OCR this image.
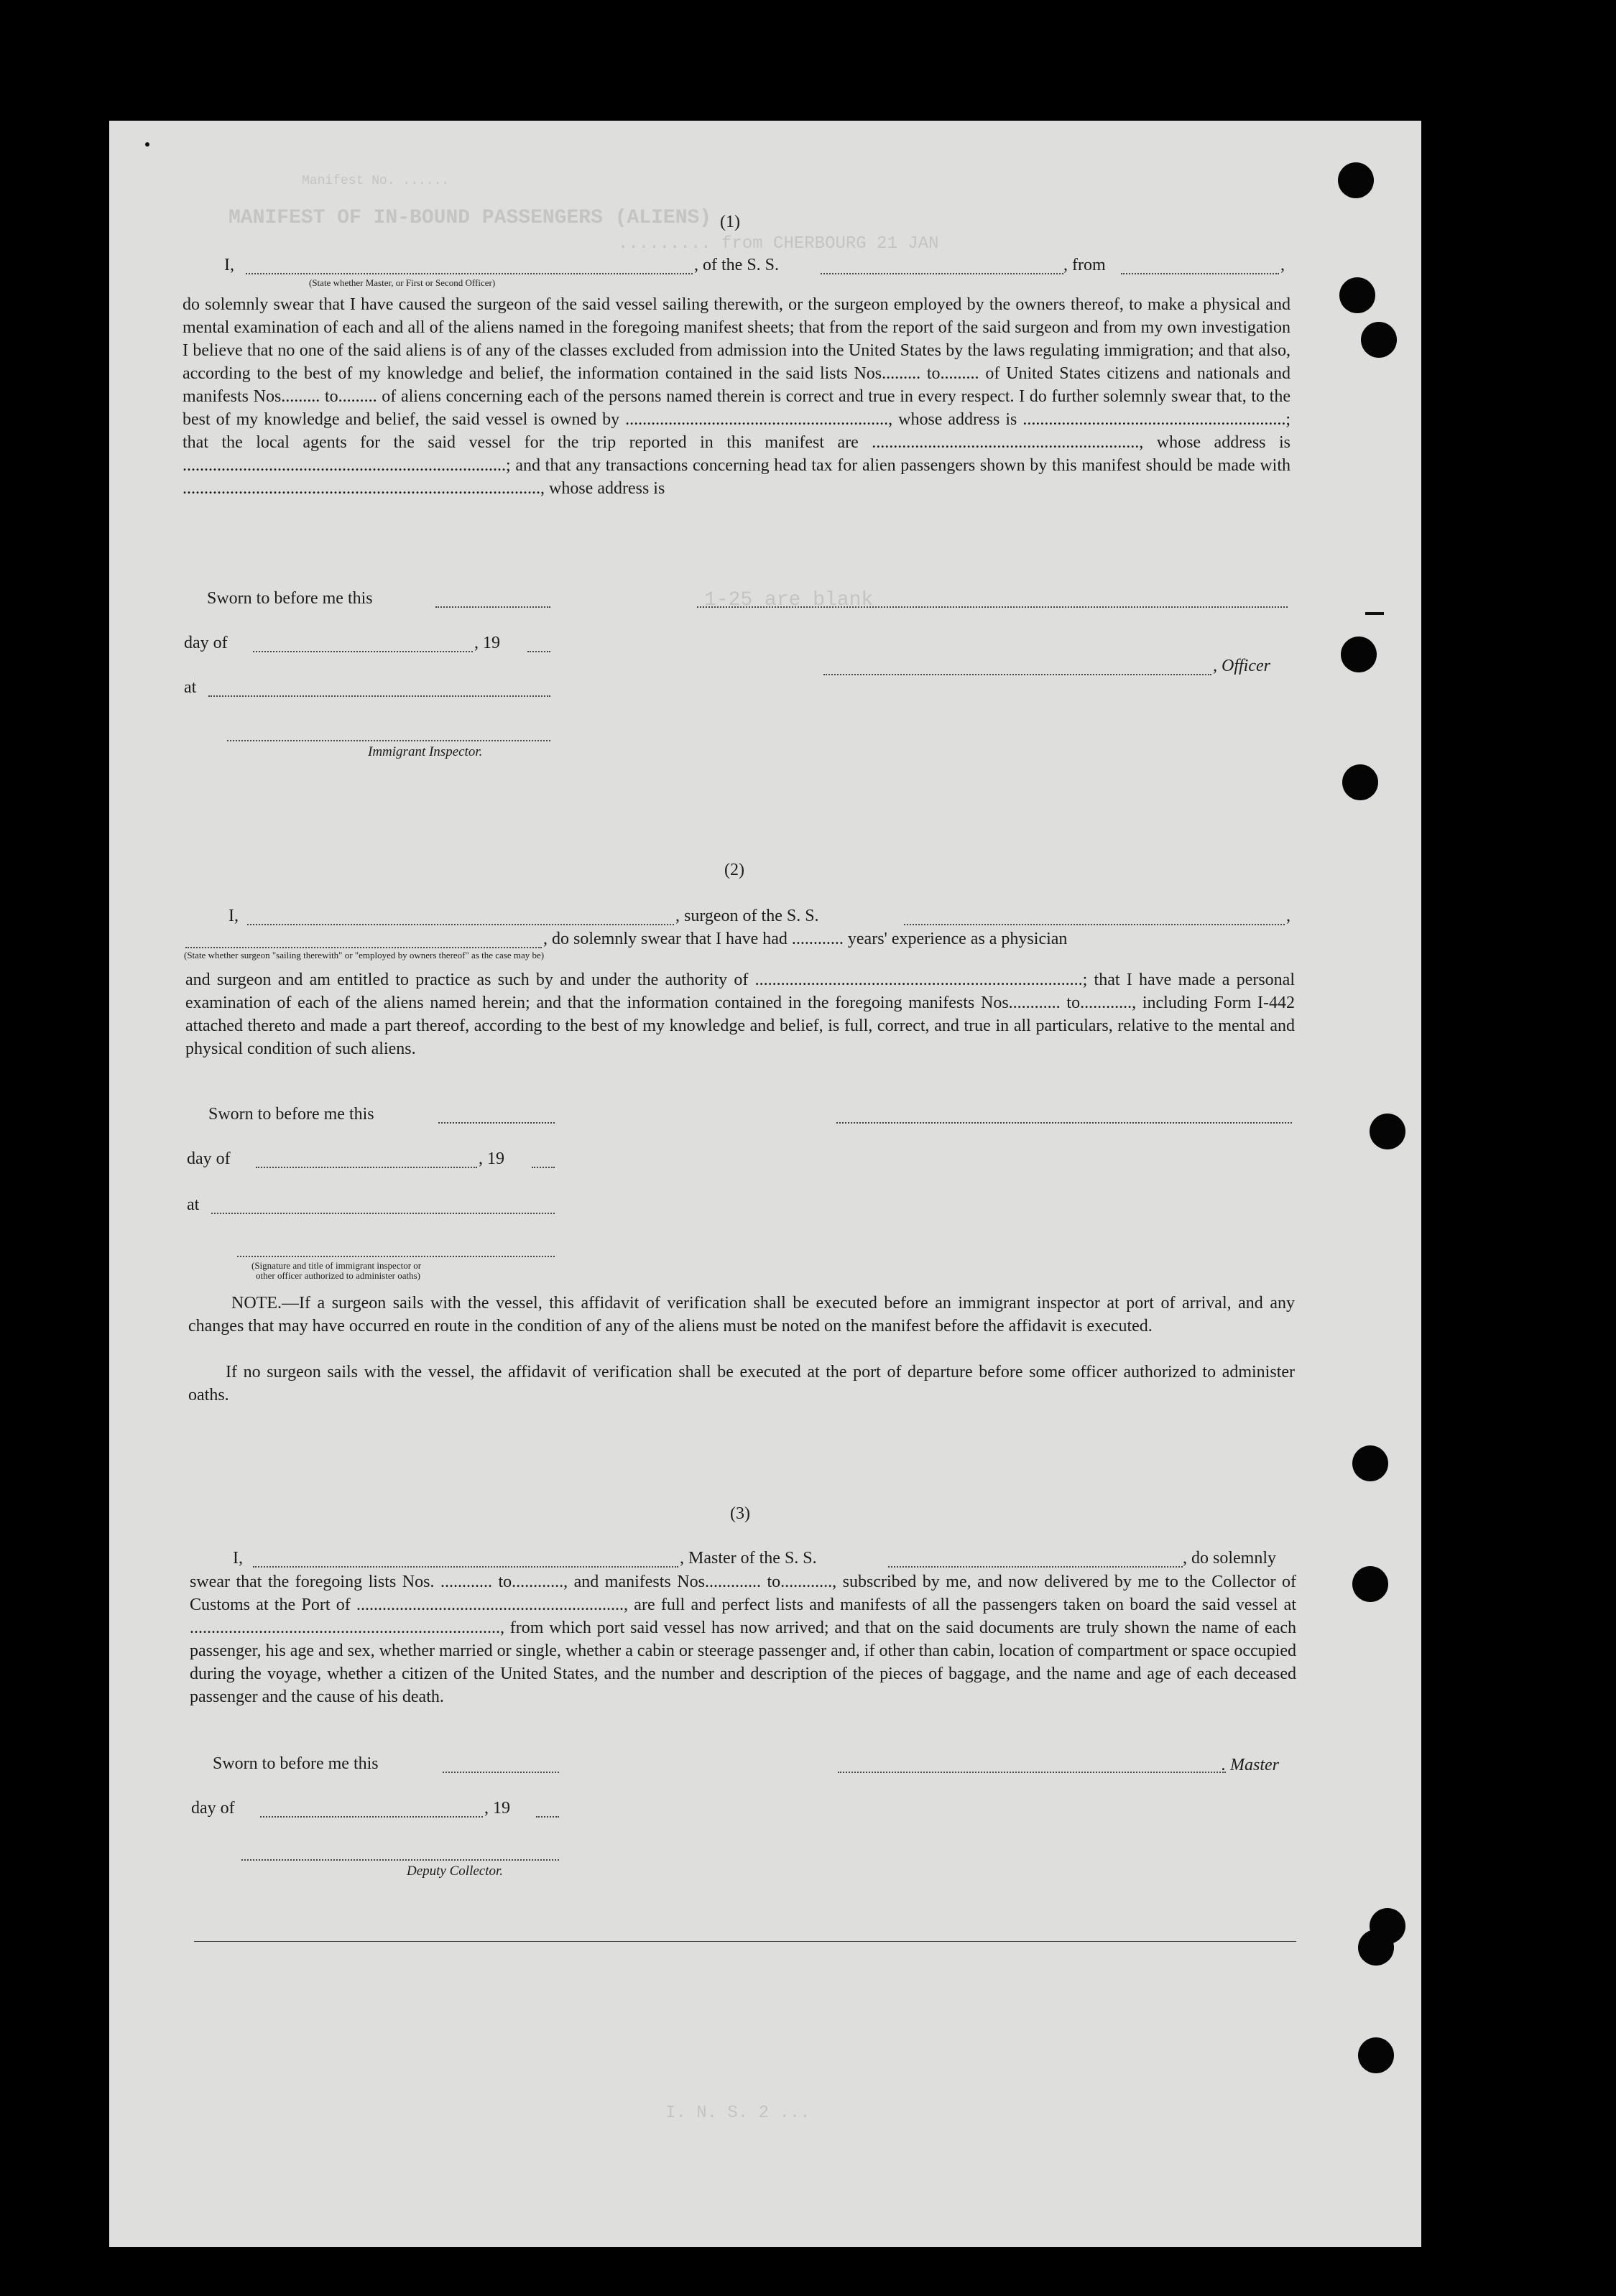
Manifest No. ......
MANIFEST OF IN-BOUND PASSENGERS (ALIENS)
......... from CHERBOURG 21 JAN
1-25 are blank
(1)
I,	, of the S. S.	, from	,
(State whether Master, or First or Second Officer)
do solemnly swear that I have caused the surgeon of the said vessel sailing therewith, or the surgeon employed by the owners thereof, to make a physical and mental examination of each and all of the aliens named in the foregoing manifest sheets; that from the report of the said surgeon and from my own investigation I believe that no one of the said aliens is of any of the classes excluded from admission into the United States by the laws regulating immigration; and that also, according to the best of my knowledge and belief, the information contained in the said lists Nos......... to......... of United States citizens and nationals and manifests Nos......... to......... of aliens concerning each of the persons named therein is correct and true in every respect. I do further solemnly swear that, to the best of my knowledge and belief, the said vessel is owned by ............................................................., whose address is .............................................................; that the local agents for the said vessel for the trip reported in this manifest are .............................................................., whose address is ...........................................................................; and that any transactions concerning head tax for alien passengers shown by this manifest should be made with ..................................................................................., whose address is
Sworn to before me this
day of	, 19
, Officer
at
Immigrant Inspector.
(2)
I,	, surgeon of the S. S.	,
, do solemnly swear that I have had ............ years' experience as a physician
(State whether surgeon "sailing therewith" or "employed by owners thereof" as the case may be)
and surgeon and am entitled to practice as such by and under the authority of ............................................................................; that I have made a personal examination of each of the aliens named herein; and that the information contained in the foregoing manifests Nos............ to............, including Form I-442 attached thereto and made a part thereof, according to the best of my knowledge and belief, is full, correct, and true in all particulars, relative to the mental and physical condition of such aliens.
Sworn to before me this
day of	, 19
at
(Signature and title of immigrant inspector or
other officer authorized to administer oaths)
NOTE.—If a surgeon sails with the vessel, this affidavit of verification shall be executed before an immigrant inspector at port of arrival, and any changes that may have occurred en route in the condition of any of the aliens must be noted on the manifest before the affidavit is executed.
If no surgeon sails with the vessel, the affidavit of verification shall be executed at the port of departure before some officer authorized to administer oaths.
(3)
I,	, Master of the S. S.	, do solemnly
swear that the foregoing lists Nos. ............ to............, and manifests Nos............. to............, subscribed by me, and now delivered by me to the Collector of Customs at the Port of .............................................................., are full and perfect lists and manifests of all the passengers taken on board the said vessel at ........................................................................, from which port said vessel has now arrived; and that on the said documents are truly shown the name of each passenger, his age and sex, whether married or single, whether a cabin or steerage passenger and, if other than cabin, location of compartment or space occupied during the voyage, whether a citizen of the United States, and the number and description of the pieces of baggage, and the name and age of each deceased passenger and the cause of his death.
Sworn to before me this	. Master
day of	, 19
Deputy Collector.
I. N. S. 2 ...
